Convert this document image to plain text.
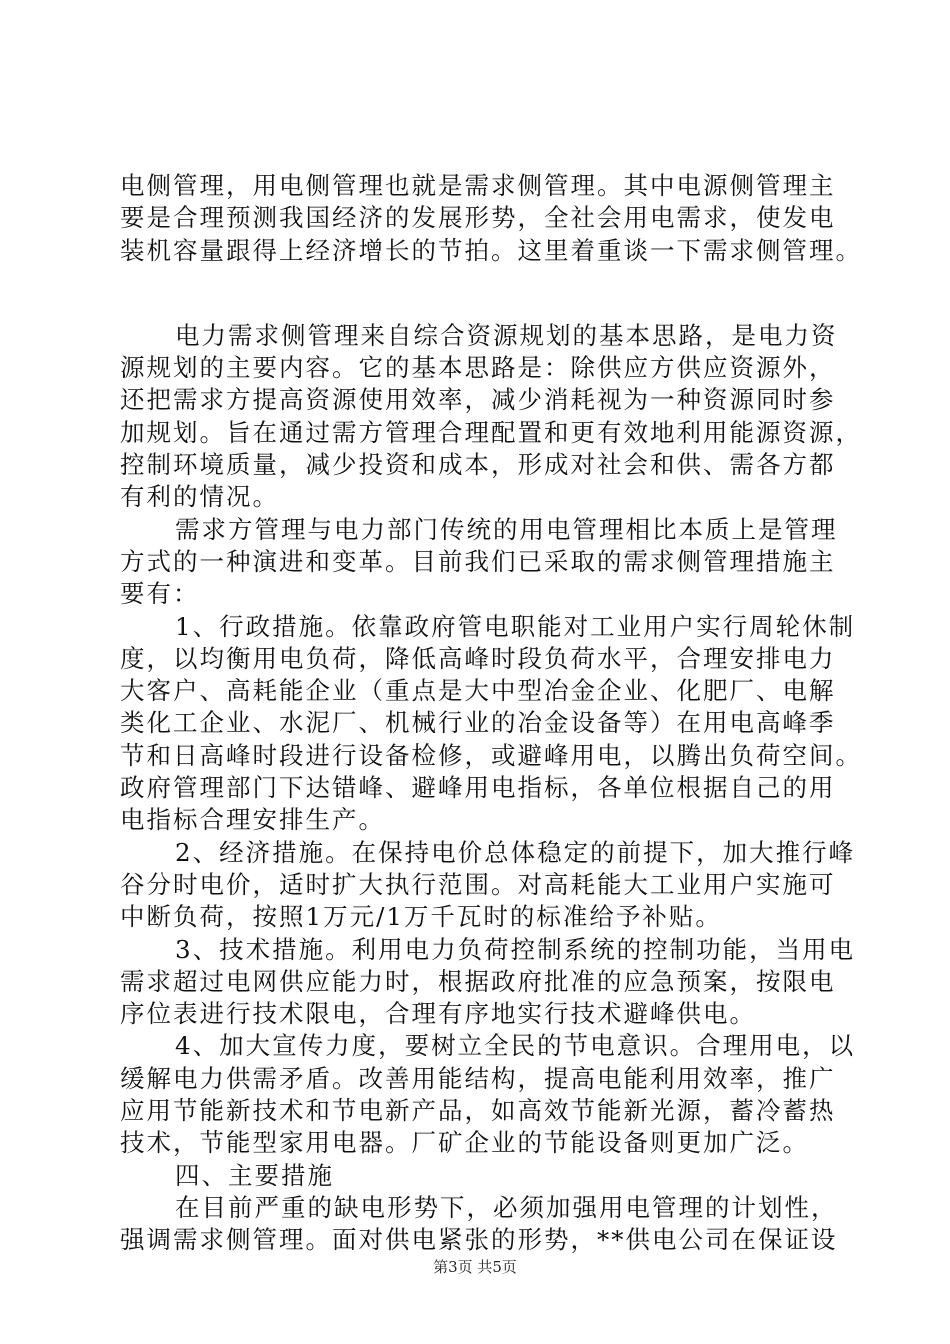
电侧管理，用电侧管理也就是需求侧管理。其中电源侧管理主
要是合理预测我国经济的发展形势，全社会用电需求，使发电
装机容量跟得上经济增长的节拍。这里着重谈一下需求侧管理。

电力需求侧管理来自综合资源规划的基本思路，是电力资
源规划的主要内容。它的基本思路是：除供应方供应资源外，
还把需求方提高资源使用效率，减少消耗视为一种资源同时参
加规划。旨在通过需方管理合理配置和更有效地利用能源资源，
控制环境质量，减少投资和成本，形成对社会和供、需各方都
有利的情况。

需求方管理与电力部门传统的用电管理相比本质上是管理
方式的一种演进和变革。目前我们已采取的需求侧管理措施主
要有：

1、行政措施。依靠政府管电职能对工业用户实行周轮休制
度，以均衡用电负荷，降低高峰时段负荷水平，合理安排电力
大客户、高耗能企业（重点是大中型冶金企业、化肥厂、电解
类化工企业、水泥厂、机械行业的冶金设备等）在用电高峰季
节和日高峰时段进行设备检修，或避峰用电，以腾出负荷空间。
政府管理部门下达错峰、避峰用电指标，各单位根据自己的用
电指标合理安排生产。

2、经济措施。在保持电价总体稳定的前提下，加大推行峰
谷分时电价，适时扩大执行范围。对高耗能大工业用户实施可
中断负荷，按照1万元/1万千瓦时的标准给予补贴。

3、技术措施。利用电力负荷控制系统的控制功能，当用电
需求超过电网供应能力时，根据政府批准的应急预案，按限电
序位表进行技术限电，合理有序地实行技术避峰供电。

4、加大宣传力度，要树立全民的节电意识。合理用电，以
缓解电力供需矛盾。改善用能结构，提高电能利用效率，推广
应用节能新技术和节电新产品，如高效节能新光源，蓄冷蓄热
技术，节能型家用电器。厂矿企业的节能设备则更加广泛。

四、主要措施

在目前严重的缺电形势下，必须加强用电管理的计划性，
强调需求侧管理。面对供电紧张的形势，**供电公司在保证设

第3页 共5页
